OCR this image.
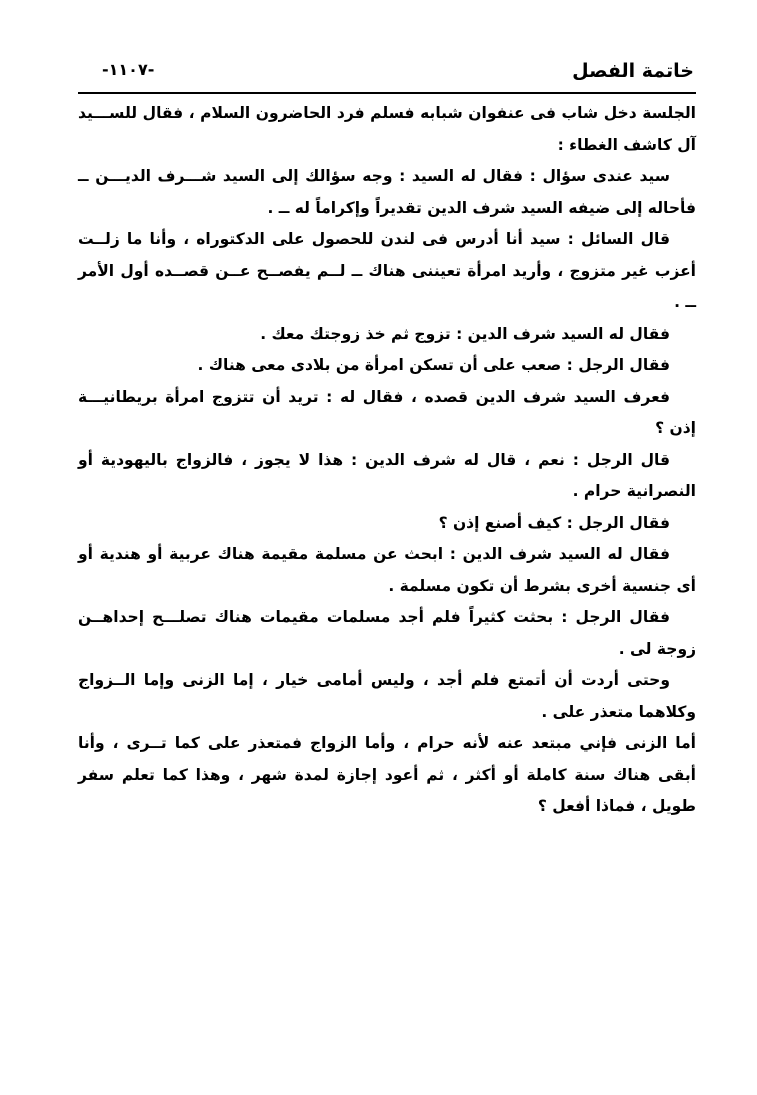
-١١٠٧-	خاتمة الفصل

الجلسة دخل شاب فى عنفوان شبابه فسلم فرد الحاضرون السلام ، فقال للســـيد آل كاشف الغطاء :

سيد عندى سؤال : فقال له السيد : وجه سؤالك إلى السيد شـــرف الديـــن ــ فأحاله إلى ضيفه السيد شرف الدين تقديراً وإكراماً له ــ .

قال السائل : سيد أنا أدرس فى لندن للحصول على الدكتوراه ، وأنا ما زلــت أعزب غير متزوج ، وأريد امرأة تعيننى هناك ــ لــم يفصــح عــن قصــده أول الأمر ــ .

فقال له السيد شرف الدين : تزوج ثم خذ زوجتك معك .

فقال الرجل : صعب على أن تسكن امرأة من بلادى معى هناك .

فعرف السيد شرف الدين قصده ، فقال له : تريد أن تتزوج امرأة بريطانيـــة إذن ؟

قال الرجل : نعم ، قال له شرف الدين : هذا لا يجوز ، فالزواج باليهودية أو النصرانية حرام .

فقال الرجل : كيف أصنع إذن ؟

فقال له السيد شرف الدين : ابحث عن مسلمة مقيمة هناك عربية أو هندية أو أى جنسية أخرى بشرط أن تكون مسلمة .

فقال الرجل : بحثت كثيراً فلم أجد مسلمات مقيمات هناك تصلـــح إحداهــن زوجة لى .

وحتى أردت أن أتمتع فلم أجد ، وليس أمامى خيار ، إما الزنى وإما الــزواج وكلاهما متعذر على .

أما الزنى فإني مبتعد عنه لأنه حرام ، وأما الزواج فمتعذر على كما تــرى ، وأنا أبقى هناك سنة كاملة أو أكثر ، ثم أعود إجازة لمدة شهر ، وهذا كما تعلم سفر طويل ، فماذا أفعل ؟
